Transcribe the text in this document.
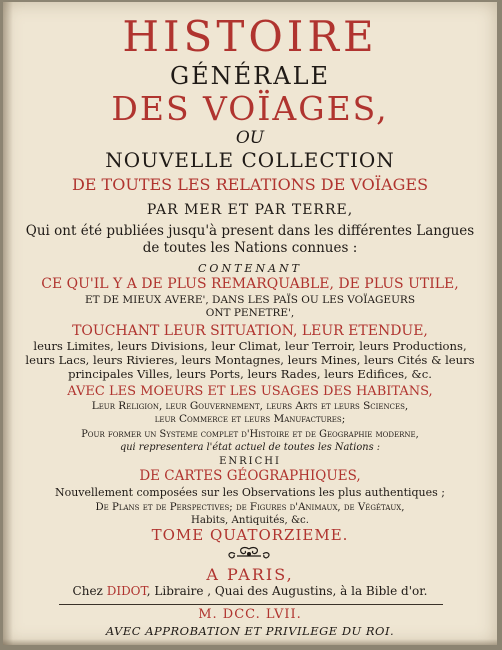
HISTOIRE
GÉNÉRALE
DES VOÏAGES,
OU
NOUVELLE COLLECTION
DE TOUTES LES RELATIONS DE VOÏAGES
PAR MER ET PAR TERRE,
Qui ont été publiées jusqu'à present dans les différentes Langues
de toutes les Nations connues :
CONTENANT
CE QU'IL Y A DE PLUS REMARQUABLE, DE PLUS UTILE,
ET DE MIEUX AVERE', DANS LES PAÏS OU LES VOÏAGEURS
ONT PENETRE',
TOUCHANT LEUR SITUATION, LEUR ETENDUE,
leurs Limites, leurs Divisions, leur Climat, leur Terroir, leurs Productions,
leurs Lacs, leurs Rivieres, leurs Montagnes, leurs Mines, leurs Cités & leurs
principales Villes, leurs Ports, leurs Rades, leurs Edifices, &c.
AVEC LES MOEURS ET LES USAGES DES HABITANS,
Leur Religion, leur Gouvernement, leurs Arts et leurs Sciences,
leur Commerce et leurs Manufactures;
Pour former un Systeme complet d'Histoire et de Geographie moderne,
qui representera l'état actuel de toutes les Nations :
ENRICHI
DE CARTES GÉOGRAPHIQUES,
Nouvellement composées sur les Observations les plus authentiques ;
De Plans et de Perspectives; de Figures d'Animaux, de Végétaux,
Habits, Antiquités, &c.
TOME QUATORZIEME.
A PARIS,
Chez DIDOT, Libraire , Quai des Augustins, à la Bible d'or.
M. DCC. LVII.
AVEC APPROBATION ET PRIVILEGE DU ROI.
